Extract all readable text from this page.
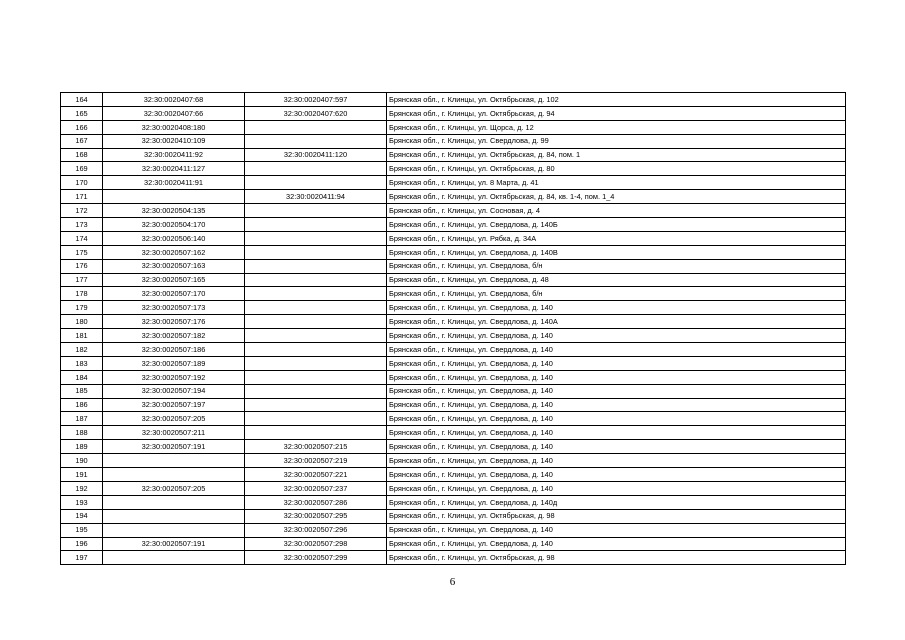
164	32:30:0020407:68	32:30:0020407:597	Брянская обл., г. Клинцы, ул. Октябрьская, д. 102
165	32:30:0020407:66	32:30:0020407:620	Брянская обл., г. Клинцы, ул. Октябрьская, д. 94
166	32:30:0020408:180		Брянская обл., г. Клинцы, ул. Щорса, д. 12
167	32:30:0020410:109		Брянская обл., г. Клинцы, ул. Свердлова, д. 99
168	32:30:0020411:92	32:30:0020411:120	Брянская обл., г. Клинцы, ул. Октябрьская, д. 84, пом. 1
169	32:30:0020411:127		Брянская обл., г. Клинцы, ул. Октябрьская, д. 80
170	32:30:0020411:91		Брянская обл., г. Клинцы, ул. 8 Марта, д. 41
171		32:30:0020411:94	Брянская обл., г. Клинцы, ул. Октябрьская, д. 84, кв. 1-4, пом. 1_4
172	32:30:0020504:135		Брянская обл., г. Клинцы, ул. Сосновая, д. 4
173	32:30:0020504:170		Брянская обл., г. Клинцы, ул. Свердлова, д. 140Б
174	32:30:0020506:140		Брянская обл., г. Клинцы, ул. Рябка, д. 34А
175	32:30:0020507:162		Брянская обл., г. Клинцы, ул. Свердлова, д. 140В
176	32:30:0020507:163		Брянская обл., г. Клинцы, ул. Свердлова, б/н
177	32:30:0020507:165		Брянская обл., г. Клинцы, ул. Свердлова, д. 48
178	32:30:0020507:170		Брянская обл., г. Клинцы, ул. Свердлова, б/н
179	32:30:0020507:173		Брянская обл., г. Клинцы, ул. Свердлова, д. 140
180	32:30:0020507:176		Брянская обл., г. Клинцы, ул. Свердлова, д. 140А
181	32:30:0020507:182		Брянская обл., г. Клинцы, ул. Свердлова, д. 140
182	32:30:0020507:186		Брянская обл., г. Клинцы, ул. Свердлова, д. 140
183	32:30:0020507:189		Брянская обл., г. Клинцы, ул. Свердлова, д. 140
184	32:30:0020507:192		Брянская обл., г. Клинцы, ул. Свердлова, д. 140
185	32:30:0020507:194		Брянская обл., г. Клинцы, ул. Свердлова, д. 140
186	32:30:0020507:197		Брянская обл., г. Клинцы, ул. Свердлова, д. 140
187	32:30:0020507:205		Брянская обл., г. Клинцы, ул. Свердлова, д. 140
188	32:30:0020507:211		Брянская обл., г. Клинцы, ул. Свердлова, д. 140
189	32:30:0020507:191	32:30:0020507:215	Брянская обл., г. Клинцы, ул. Свердлова, д. 140
190		32:30:0020507:219	Брянская обл., г. Клинцы, ул. Свердлова, д. 140
191		32:30:0020507:221	Брянская обл., г. Клинцы, ул. Свердлова, д. 140
192	32:30:0020507:205	32:30:0020507:237	Брянская обл., г. Клинцы, ул. Свердлова, д. 140
193		32:30:0020507:286	Брянская обл., г. Клинцы, ул. Свердлова, д. 140д
194		32:30:0020507:295	Брянская обл., г. Клинцы, ул. Октябрьская, д. 98
195		32:30:0020507:296	Брянская обл., г. Клинцы, ул. Свердлова, д. 140
196	32:30:0020507:191	32:30:0020507:298	Брянская обл., г. Клинцы, ул. Свердлова, д. 140
197		32:30:0020507:299	Брянская обл., г. Клинцы, ул. Октябрьская, д. 98
6
